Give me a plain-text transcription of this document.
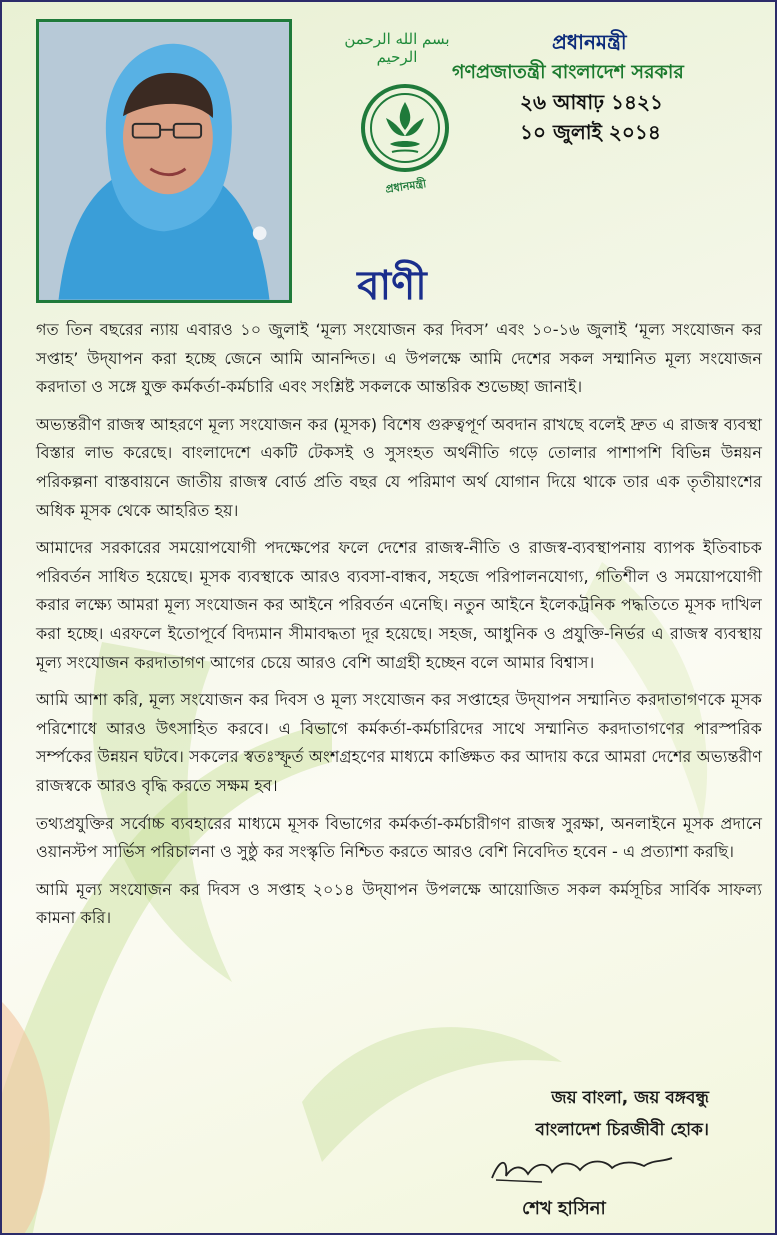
بسم الله الرحمن الرحيم
প্রধানমন্ত্রী
গণপ্রজাতন্ত্রী বাংলাদেশ সরকার
২৬ আষাঢ় ১৪২১
১০ জুলাই ২০১৪
প্রধানমন্ত্রী
বাণী

গত তিন বছরের ন্যায় এবারও ১০ জুলাই ‘মূল্য সংযোজন কর দিবস’ এবং ১০-১৬ জুলাই ‘মূল্য সংযোজন কর সপ্তাহ’ উদ্‌যাপন করা হচ্ছে জেনে আমি আনন্দিত। এ উপলক্ষে আমি দেশের সকল সম্মানিত মূল্য সংযোজন করদাতা ও সঙ্গে যুক্ত কর্মকর্তা-কর্মচারি এবং সংশ্লিষ্ট সকলকে আন্তরিক শুভেচ্ছা জানাই।

অভ্যন্তরীণ রাজস্ব আহরণে মূল্য সংযোজন কর (মূসক) বিশেষ গুরুত্বপূর্ণ অবদান রাখছে বলেই দ্রুত এ রাজস্ব ব্যবস্থা বিস্তার লাভ করেছে। বাংলাদেশে একটি টেকসই ও সুসংহত অর্থনীতি গড়ে তোলার পাশাপশি বিভিন্ন উন্নয়ন পরিকল্পনা বাস্তবায়নে জাতীয় রাজস্ব বোর্ড প্রতি বছর যে পরিমাণ অর্থ যোগান দিয়ে থাকে তার এক তৃতীয়াংশের অধিক মূসক থেকে আহরিত হয়।

আমাদের সরকারের সময়োপযোগী পদক্ষেপের ফলে দেশের রাজস্ব-নীতি ও রাজস্ব-ব্যবস্থাপনায় ব্যাপক ইতিবাচক পরিবর্তন সাধিত হয়েছে। মূসক ব্যবস্থাকে আরও ব্যবসা-বান্ধব, সহজে পরিপালনযোগ্য, গতিশীল ও সময়োপযোগী করার লক্ষ্যে আমরা মূল্য সংযোজন কর আইনে পরিবর্তন এনেছি। নতুন আইনে ইলেকট্রনিক পদ্ধতিতে মূসক দাখিল করা হচ্ছে। এরফলে ইতোপূর্বে বিদ্যমান সীমাবদ্ধতা দূর হয়েছে। সহজ, আধুনিক ও প্রযুক্তি-নির্ভর এ রাজস্ব ব্যবস্থায় মূল্য সংযোজন করদাতাগণ আগের চেয়ে আরও বেশি আগ্রহী হচ্ছেন বলে আমার বিশ্বাস।

আমি আশা করি, মূল্য সংযোজন কর দিবস ও মূল্য সংযোজন কর সপ্তাহের উদ্‌যাপন সম্মানিত করদাতাগণকে মূসক পরিশোধে আরও উৎসাহিত করবে। এ বিভাগে কর্মকর্তা-কর্মচারিদের সাথে সম্মানিত করদাতাগণের পারস্পরিক সর্ম্পকের উন্নয়ন ঘটবে। সকলের স্বতঃস্ফূর্ত অংশগ্রহণের মাধ্যমে কাঙ্ক্ষিত কর আদায় করে আমরা দেশের অভ্যন্তরীণ রাজস্বকে আরও বৃদ্ধি করতে সক্ষম হব।

তথ্যপ্রযুক্তির সর্বোচ্চ ব্যবহারের মাধ্যমে মূসক বিভাগের কর্মকর্তা-কর্মচারীগণ রাজস্ব সুরক্ষা, অনলাইনে মূসক প্রদানে ওয়ানস্টপ সার্ভিস পরিচালনা ও সুষ্ঠু কর সংস্কৃতি নিশ্চিত করতে আরও বেশি নিবেদিত হবেন - এ প্রত্যাশা করছি।

আমি মূল্য সংযোজন কর দিবস ও সপ্তাহ ২০১৪ উদ্‌যাপন উপলক্ষে আয়োজিত সকল কর্মসূচির সার্বিক সাফল্য কামনা করি।

জয় বাংলা, জয় বঙ্গবন্ধু
বাংলাদেশ চিরজীবী হোক।
শেখ হাসিনা
